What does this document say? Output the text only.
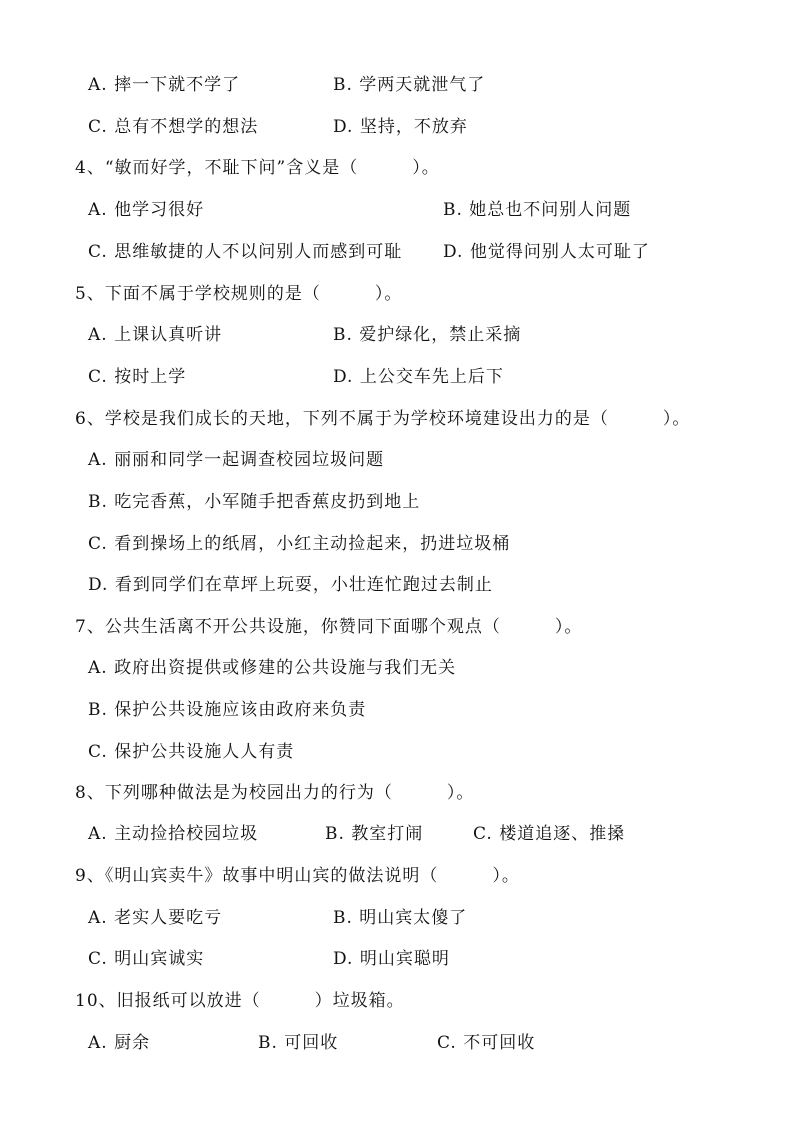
A. 摔一下就不学了	B. 学两天就泄气了
C. 总有不想学的想法	D. 坚持，不放弃
4、“敏而好学，不耻下问”含义是（　　　）。
A. 他学习很好	B. 她总也不问别人问题
C. 思维敏捷的人不以问别人而感到可耻 D. 他觉得问别人太可耻了
5、下面不属于学校规则的是（　　　）。
A. 上课认真听讲	B. 爱护绿化，禁止采摘
C. 按时上学	D. 上公交车先上后下
6、学校是我们成长的天地，下列不属于为学校环境建设出力的是（　　　）。
A. 丽丽和同学一起调查校园垃圾问题
B. 吃完香蕉，小军随手把香蕉皮扔到地上
C. 看到操场上的纸屑，小红主动捡起来，扔进垃圾桶
D. 看到同学们在草坪上玩耍，小壮连忙跑过去制止
7、公共生活离不开公共设施，你赞同下面哪个观点（　　　）。
A. 政府出资提供或修建的公共设施与我们无关
B. 保护公共设施应该由政府来负责
C. 保护公共设施人人有责
8、下列哪种做法是为校园出力的行为（　　　）。
A. 主动捡拾校园垃圾	B. 教室打闹	C. 楼道追逐、推搡
9、《明山宾卖牛》故事中明山宾的做法说明（　　　）。
A. 老实人要吃亏	B. 明山宾太傻了
C. 明山宾诚实	D. 明山宾聪明
10、旧报纸可以放进（　　　）垃圾箱。
A. 厨余	B. 可回收	C. 不可回收
